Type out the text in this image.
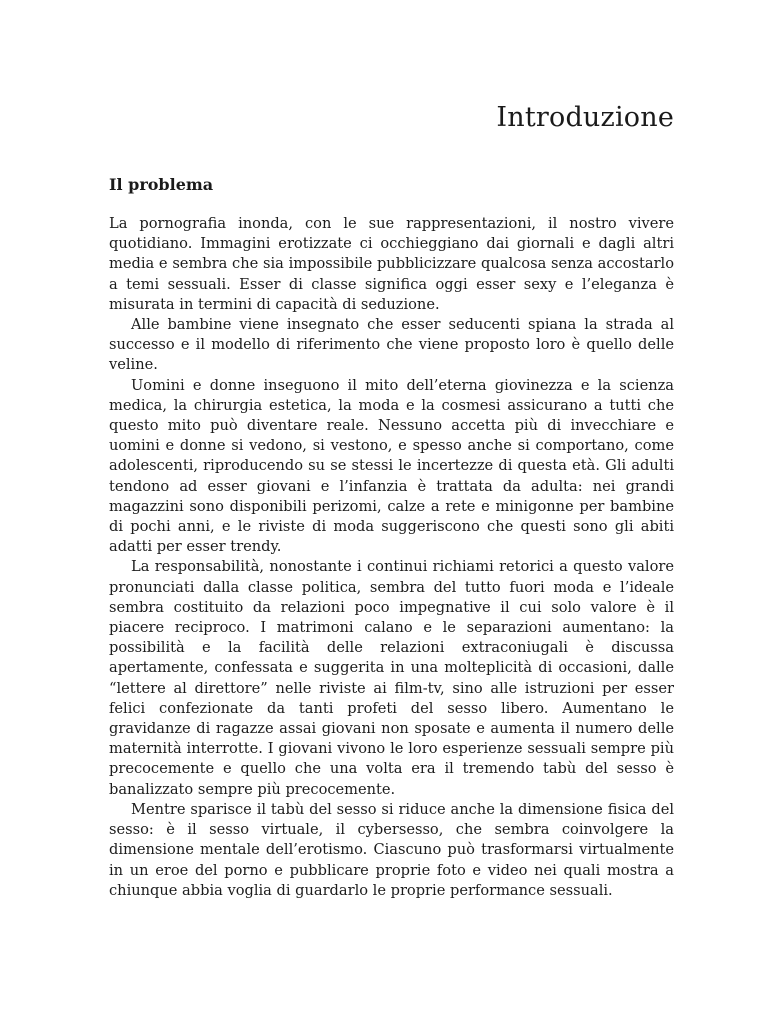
Introduzione
Il problema

La pornografia inonda, con le sue rappresentazioni, il nostro vivere quotidiano. Immagini erotizzate ci occhieggiano dai giornali e dagli altri media e sembra che sia impossibile pubblicizzare qualcosa senza accostarlo a temi sessuali. Esser di classe significa oggi esser sexy e l’eleganza è misurata in termini di capacità di seduzione.

Alle bambine viene insegnato che esser seducenti spiana la strada al successo e il modello di riferimento che viene proposto loro è quello delle veline.

Uomini e donne inseguono il mito dell’eterna giovinezza e la scienza medica, la chirurgia estetica, la moda e la cosmesi assicurano a tutti che questo mito può diventare reale. Nessuno accetta più di invecchiare e uomini e donne si vedono, si vestono, e spesso anche si comportano, come adolescenti, riproducendo su se stessi le incertezze di questa età. Gli adulti tendono ad esser giovani e l’infanzia è trattata da adulta: nei grandi magazzini sono disponibili perizomi, calze a rete e minigonne per bambine di pochi anni, e le riviste di moda suggeriscono che questi sono gli abiti adatti per esser trendy.

La responsabilità, nonostante i continui richiami retorici a questo valore pronunciati dalla classe politica, sembra del tutto fuori moda e l’ideale sembra costituito da relazioni poco impegnative il cui solo valore è il piacere reciproco. I matrimoni calano e le separazioni aumentano: la possibilità e la facilità delle relazioni extraconiugali è discussa apertamente, confessata e suggerita in una molteplicità di occasioni, dalle “lettere al direttore” nelle riviste ai film-tv, sino alle istruzioni per esser felici confezionate da tanti profeti del sesso libero. Aumentano le gravidanze di ragazze assai giovani non sposate e aumenta il numero delle maternità interrotte. I giovani vivono le loro esperienze sessuali sempre più precocemente e quello che una volta era il tremendo tabù del sesso è banalizzato sempre più precocemente.

Mentre sparisce il tabù del sesso si riduce anche la dimensione fisica del sesso: è il sesso virtuale, il cybersesso, che sembra coinvolgere la dimensione mentale dell’erotismo. Ciascuno può trasformarsi virtualmente in un eroe del porno e pubblicare proprie foto e video nei quali mostra a chiunque abbia voglia di guardarlo le proprie performance sessuali.
